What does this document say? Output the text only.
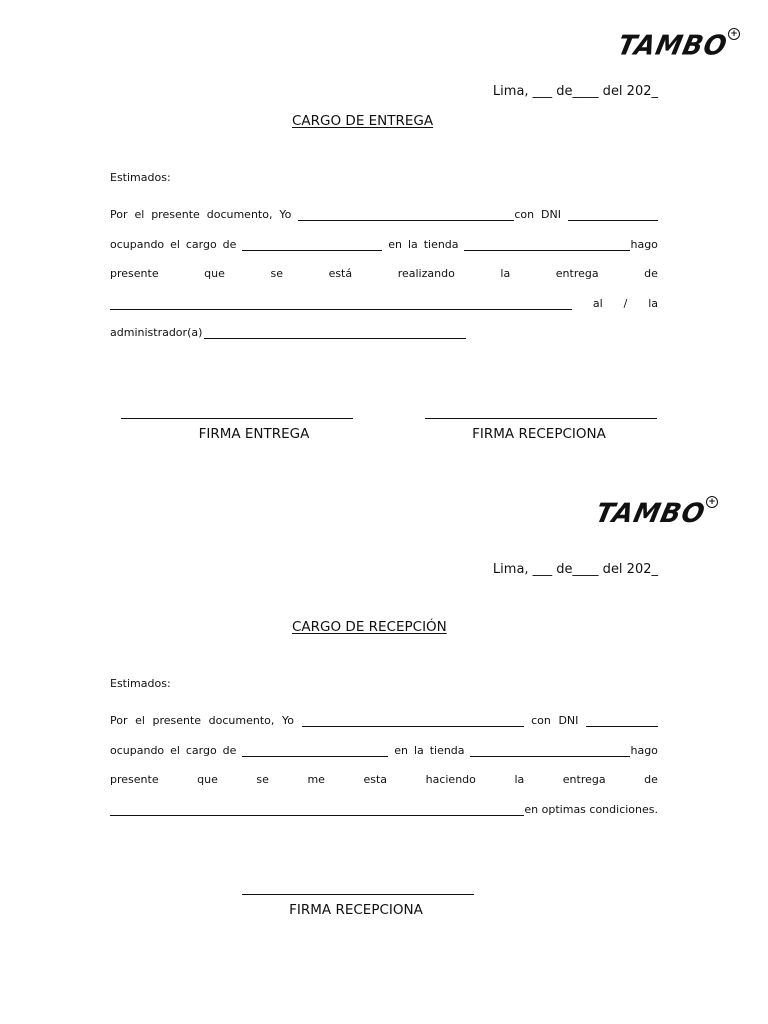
TAMBO +
Lima, ___ de____ del 202_
CARGO DE ENTREGA
Estimados:
Por el presente documento, Yo	con DNI
ocupando el cargo de	en la tienda	hago
presente	que	se	está	realizando	la	entrega	de
al / la
administrador(a)
FIRMA ENTREGA	FIRMA RECEPCIONA
TAMBO +
Lima, ___ de____ del 202_
CARGO DE RECEPCIÓN
Estimados:
Por el presente documento, Yo	con DNI
ocupando el cargo de	en la tienda	hago
presente	que	se	me	esta	haciendo	la	entrega	de
en optimas condiciones.
FIRMA RECEPCIONA
